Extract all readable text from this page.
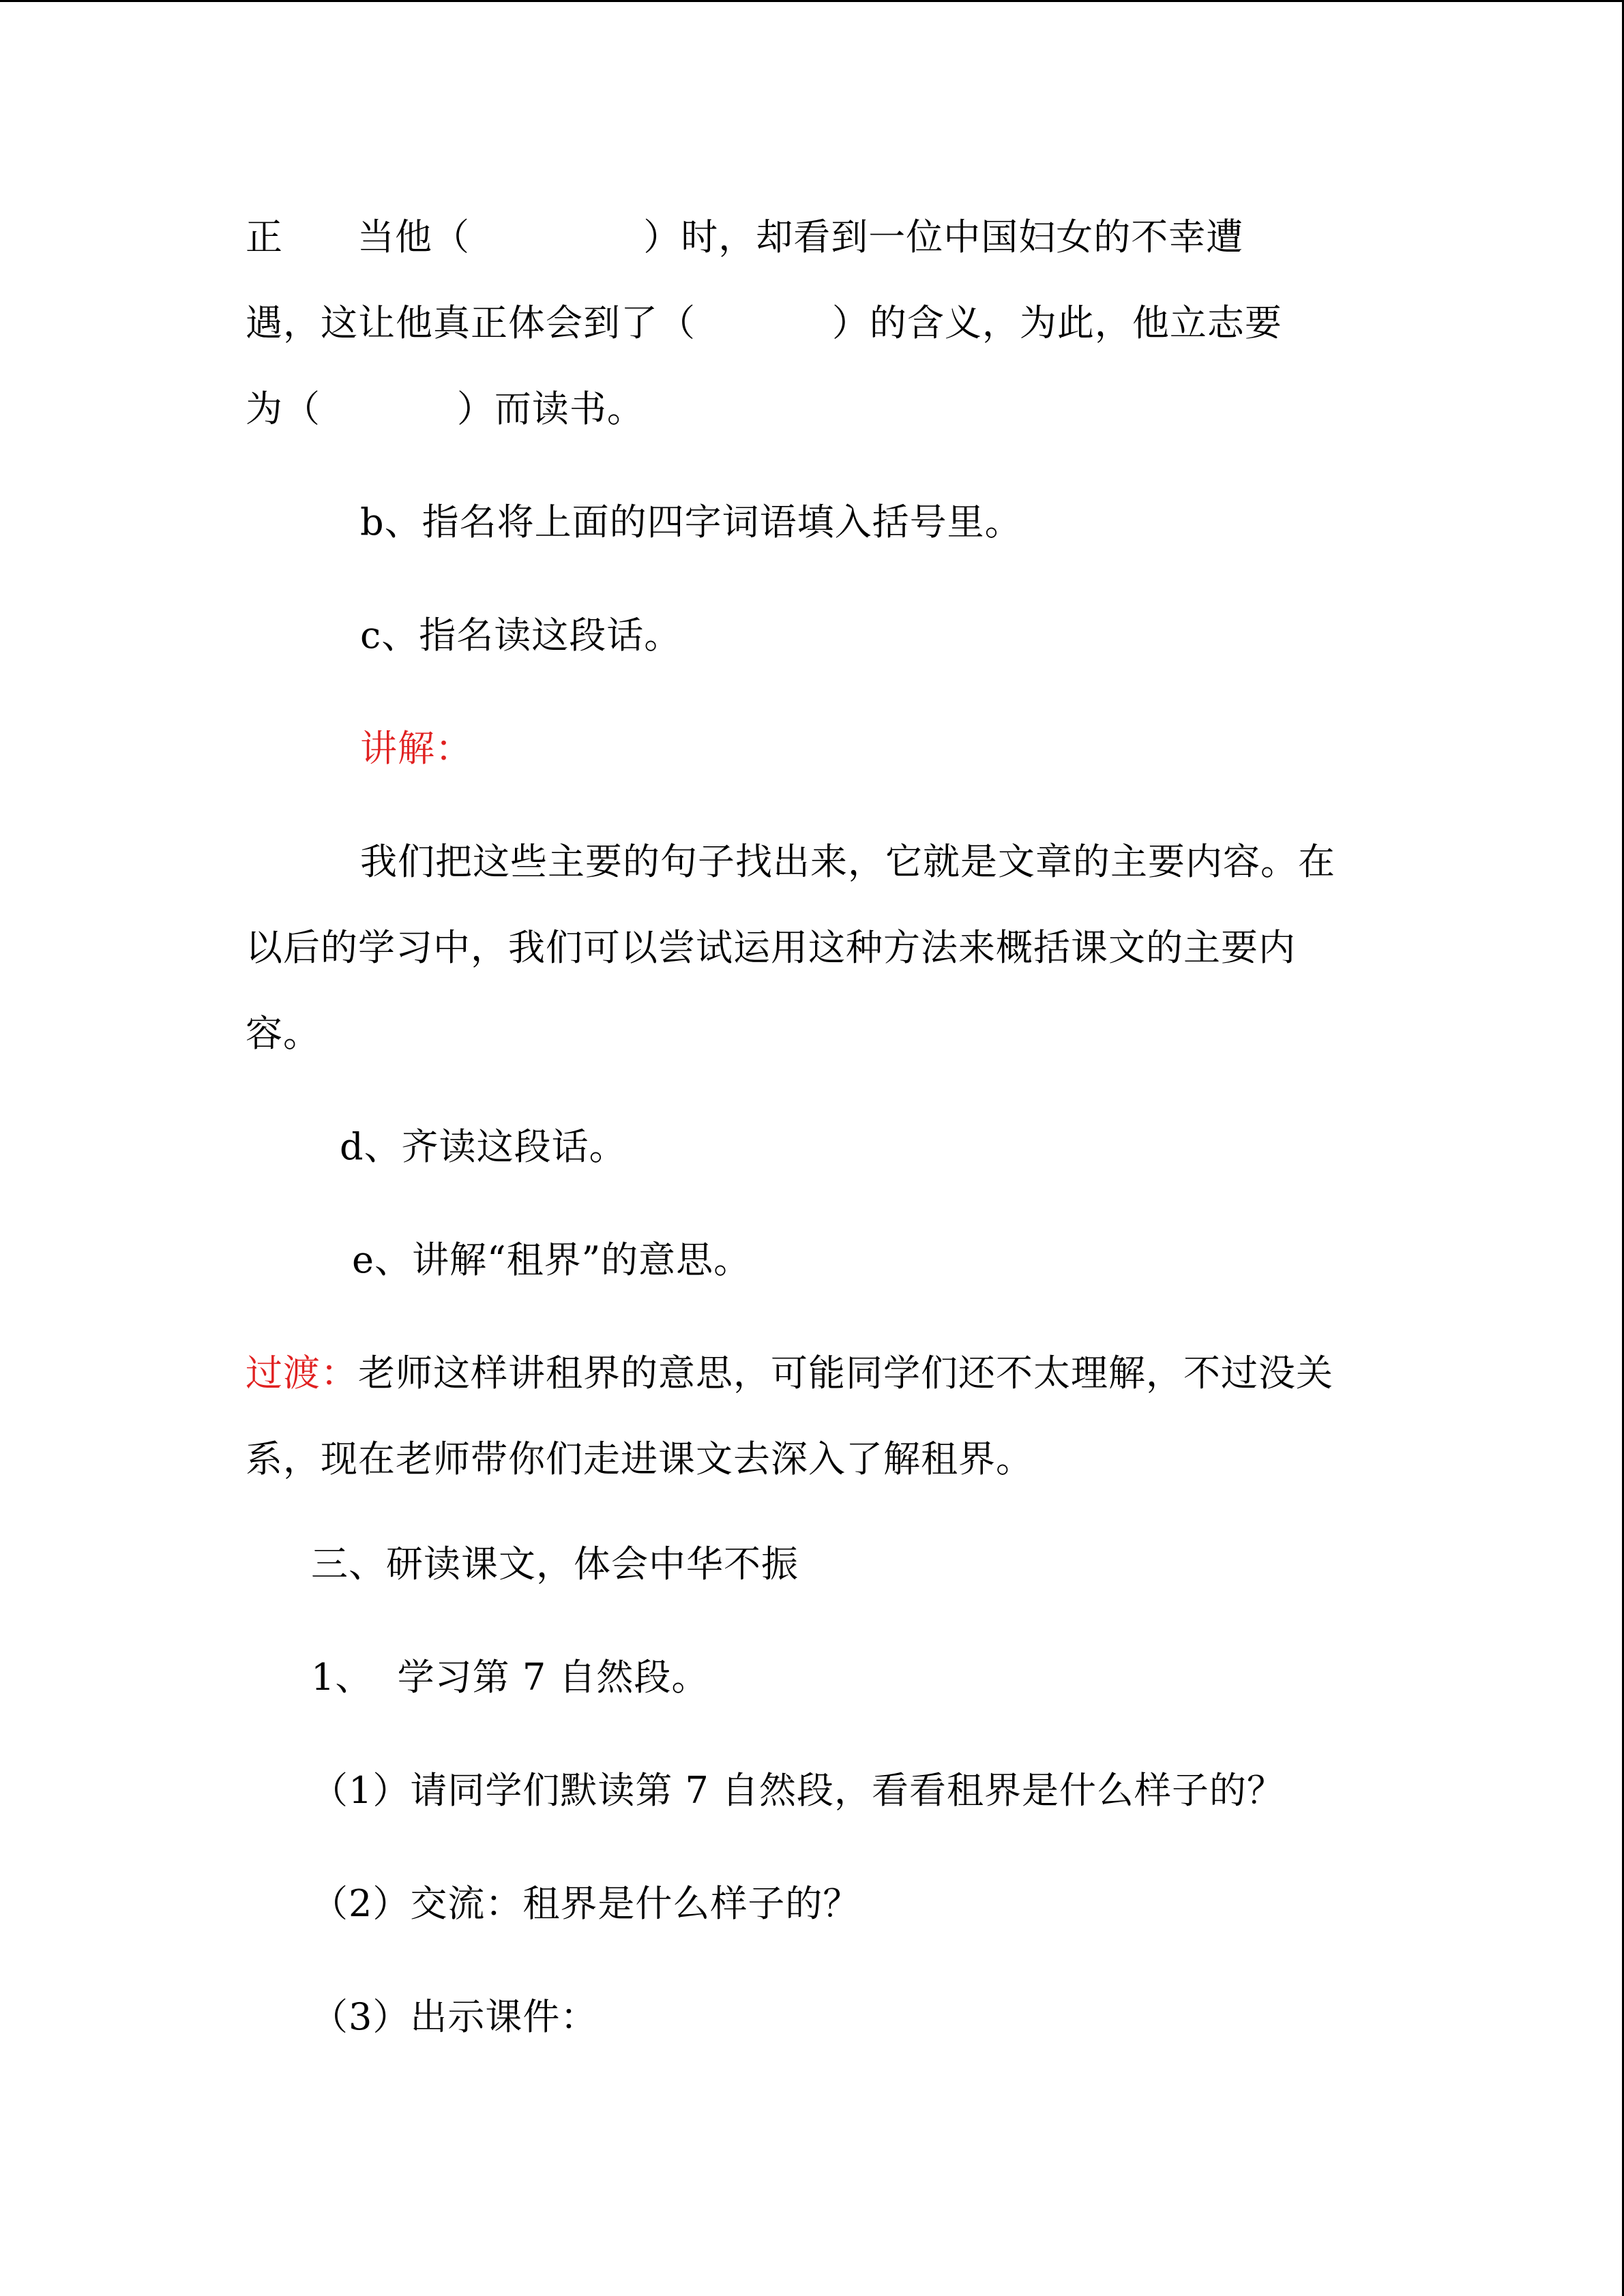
正      当他（              ）时，却看到一位中国妇女的不幸遭
遇，这让他真正体会到了（           ）的含义，为此，他立志要
为（           ）而读书。
b、指名将上面的四字词语填入括号里。
c、指名读这段话。
讲解：
我们把这些主要的句子找出来，它就是文章的主要内容。在
以后的学习中，我们可以尝试运用这种方法来概括课文的主要内
容。
d、齐读这段话。
e、讲解“租界”的意思。
过渡：老师这样讲租界的意思，可能同学们还不太理解，不过没关
系，现在老师带你们走进课文去深入了解租界。
三、研读课文，体会中华不振
1、  学习第 7 自然段。
（1）请同学们默读第 7 自然段，看看租界是什么样子的？
（2）交流：租界是什么样子的？
（3）出示课件：
